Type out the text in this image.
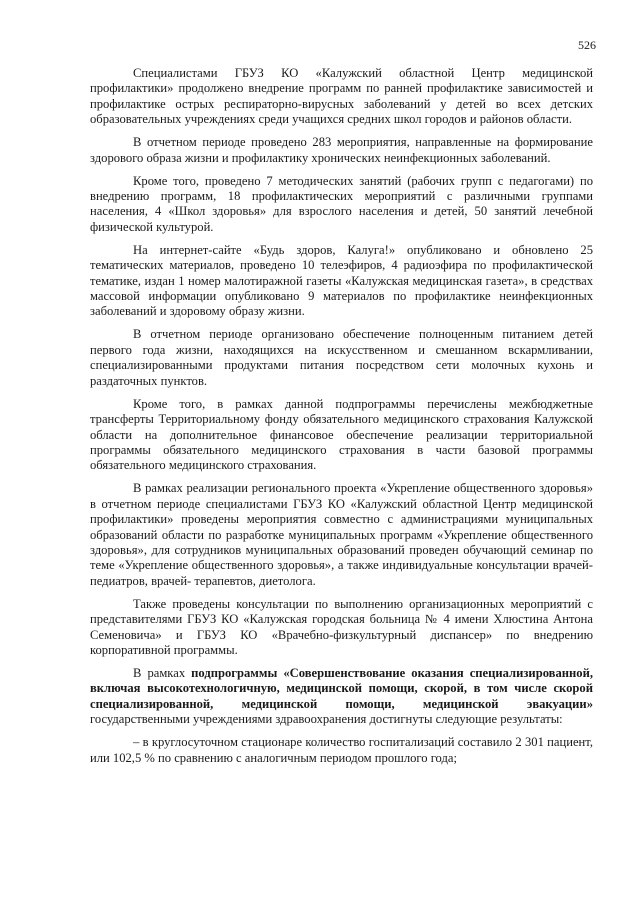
526

Специалистами ГБУЗ КО «Калужский областной Центр медицинской профилактики» продолжено внедрение программ по ранней профилактике зависимостей и профилактике острых респираторно-вирусных заболеваний у детей во всех детских образовательных учреждениях среди учащихся средних школ городов и районов области.

В отчетном периоде проведено 283 мероприятия, направленные на формирование здорового образа жизни и профилактику хронических неинфекционных заболеваний.

Кроме того, проведено 7 методических занятий (рабочих групп с педагогами) по внедрению программ, 18 профилактических мероприятий с различными группами населения, 4 «Школ здоровья» для взрослого населения и детей, 50 занятий лечебной физической культурой.

На интернет-сайте «Будь здоров, Калуга!» опубликовано и обновлено 25 тематических материалов, проведено 10 телеэфиров, 4 радиоэфира по профилактической тематике, издан 1 номер малотиражной газеты «Калужская медицинская газета», в средствах массовой информации опубликовано 9 материалов по профилактике неинфекционных заболеваний и здоровому образу жизни.

В отчетном периоде организовано обеспечение полноценным питанием детей первого года жизни, находящихся на искусственном и смешанном вскармливании, специализированными продуктами питания посредством сети молочных кухонь и раздаточных пунктов.

Кроме того, в рамках данной подпрограммы перечислены межбюджетные трансферты Территориальному фонду обязательного медицинского страхования Калужской области на дополнительное финансовое обеспечение реализации территориальной программы обязательного медицинского страхования в части базовой программы обязательного медицинского страхования.

В рамках реализации регионального проекта «Укрепление общественного здоровья» в отчетном периоде специалистами ГБУЗ КО «Калужский областной Центр медицинской профилактики» проведены мероприятия совместно с администрациями муниципальных образований области по разработке муниципальных программ «Укрепление общественного здоровья», для сотрудников муниципальных образований проведен обучающий семинар по теме «Укрепление общественного здоровья», а также индивидуальные консультации врачей-педиатров, врачей- терапевтов, диетолога.

Также проведены консультации по выполнению организационных мероприятий с представителями ГБУЗ КО «Калужская городская больница № 4 имени Хлюстина Антона Семеновича» и ГБУЗ КО «Врачебно-физкультурный диспансер» по внедрению корпоративной программы.

В рамках подпрограммы «Совершенствование оказания специализированной, включая высокотехнологичную, медицинской помощи, скорой, в том числе скорой специализированной, медицинской помощи, медицинской эвакуации» государственными учреждениями здравоохранения достигнуты следующие результаты:

– в круглосуточном стационаре количество госпитализаций составило 2 301 пациент, или 102,5 % по сравнению с аналогичным периодом прошлого года;
